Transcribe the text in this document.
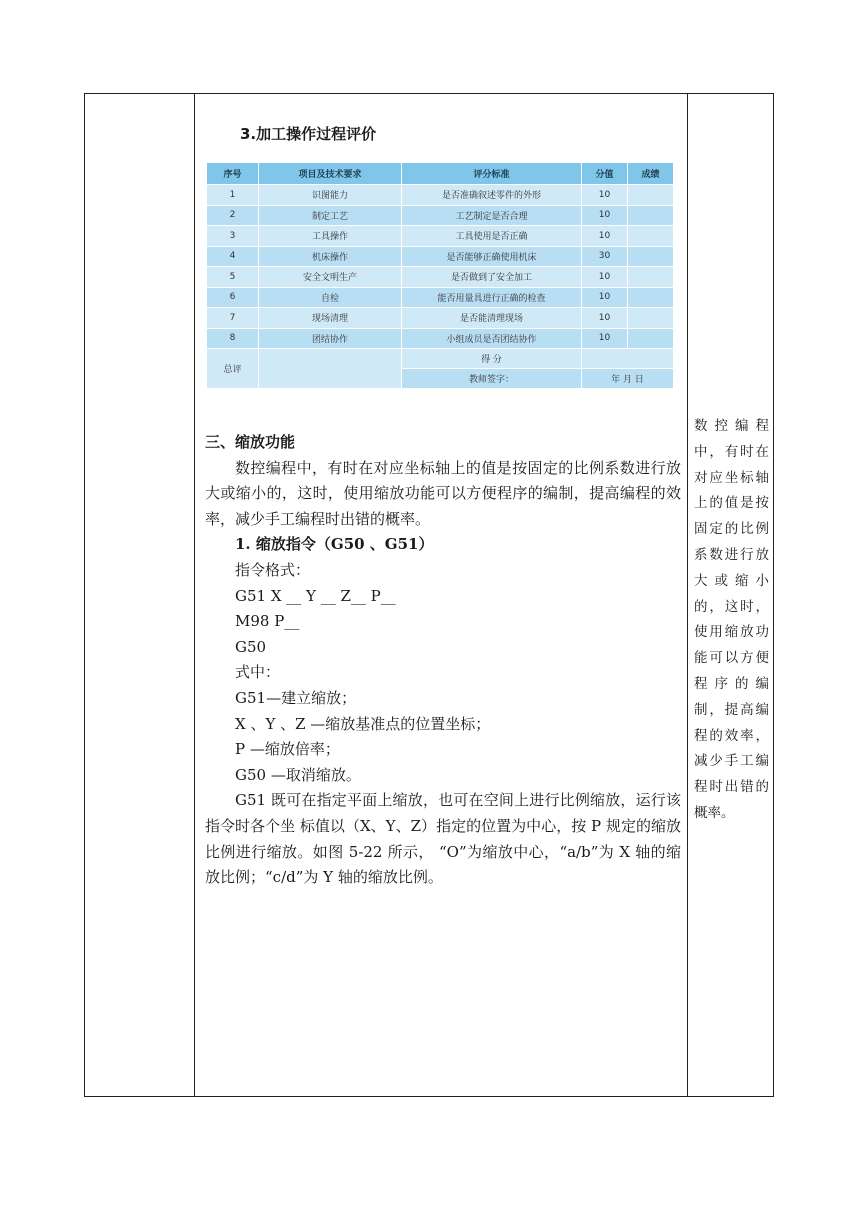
3.加工操作过程评价
序号	项目及技术要求	评分标准	分值	成绩
1	识图能力	是否准确叙述零件的外形	10	
2	制定工艺	工艺制定是否合理	10	
3	工具操作	工具使用是否正确	10	
4	机床操作	是否能够正确使用机床	30	
5	安全文明生产	是否做到了安全加工	10	
6	自检	能否用量具进行正确的检查	10	
7	现场清理	是否能清理现场	10	
8	团结协作	小组成员是否团结协作	10	
总评		得 分		
		教师签字：	年 月 日	

三、缩放功能

数控编程中，有时在对应坐标轴上的值是按固定的比例系数进行放大或缩小的，这时，使用缩放功能可以方便程序的编制，提高编程的效率，减少手工编程时出错的概率。

1. 缩放指令（G50 、G51）

指令格式：

G51 X __ Y __ Z__ P__

M98 P__

G50

式中：

G51—建立缩放；

X 、Y 、Z —缩放基准点的位置坐标；

P —缩放倍率；

G50 —取消缩放。

G51 既可在指定平面上缩放，也可在空间上进行比例缩放，运行该指令时各个坐 标值以（X、Y、Z）指定的位置为中心，按 P 规定的缩放比例进行缩放。如图 5-22 所示， “O”为缩放中心，“a/b”为 X 轴的缩放比例；“c/d”为 Y 轴的缩放比例。

数控编程中，有时在对应坐标轴上的值是按固定的比例系数进行放大或缩小的，这时，使用缩放功能可以方便程序的编制，提高编程的效率，减少手工编程时出错的概率。
